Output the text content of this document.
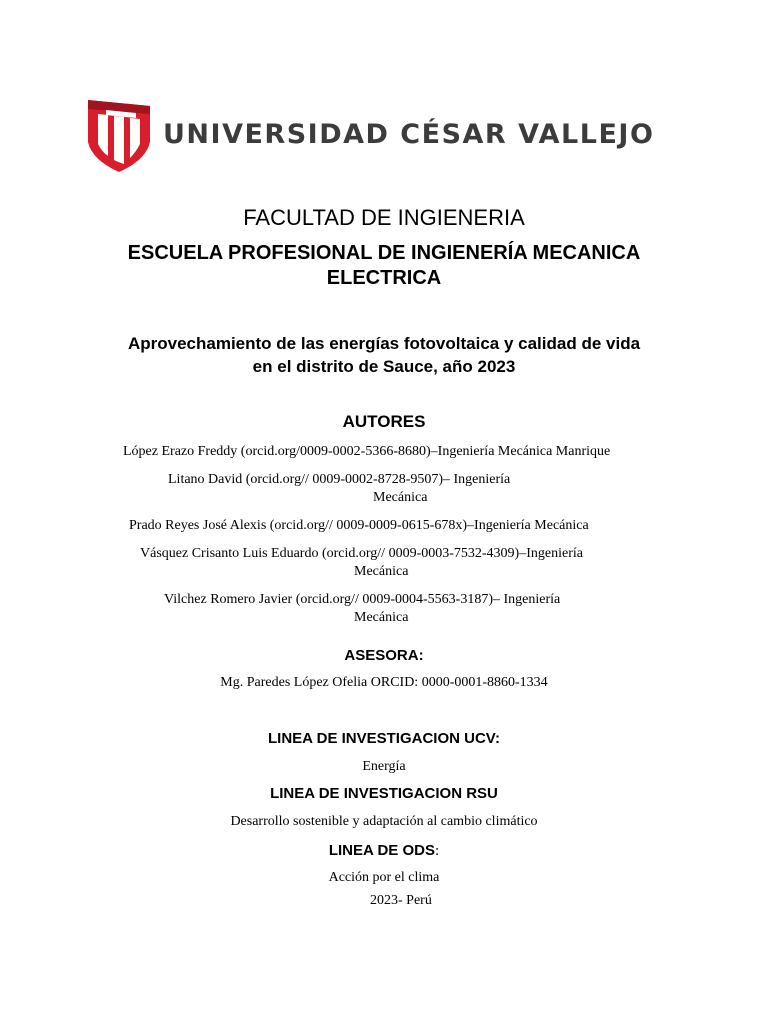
UNIVERSIDAD CÉSAR VALLEJO
FACULTAD DE INGIENERIA
ESCUELA PROFESIONAL DE INGIENERÍA MECANICA
ELECTRICA
Aprovechamiento de las energías fotovoltaica y calidad de vida
en el distrito de Sauce, año 2023
AUTORES
López Erazo Freddy (orcid.org/0009-0002-5366-8680)–Ingeniería Mecánica Manrique
Litano David (orcid.org// 0009-0002-8728-9507)– Ingeniería
Mecánica
Prado Reyes José Alexis (orcid.org// 0009-0009-0615-678x)–Ingeniería Mecánica
Vásquez Crisanto Luis Eduardo (orcid.org// 0009-0003-7532-4309)–Ingeniería
Mecánica
Vilchez Romero Javier (orcid.org// 0009-0004-5563-3187)– Ingeniería
Mecánica
ASESORA:
Mg. Paredes López Ofelia ORCID: 0000-0001-8860-1334
LINEA DE INVESTIGACION UCV:
Energía
LINEA DE INVESTIGACION RSU
Desarrollo sostenible y adaptación al cambio climático
LINEA DE ODS:
Acción por el clima
2023- Perú
